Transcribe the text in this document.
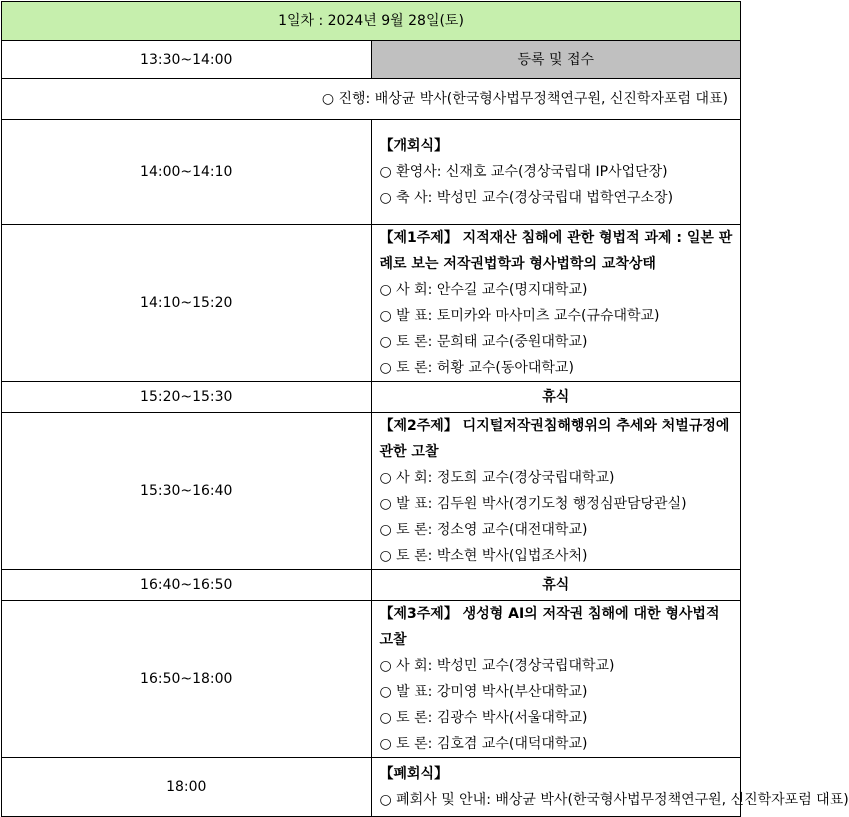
1일차 : 2024년 9월 28일(토)	
13:30~14:00	등록 및 접수
○ 진행: 배상균 박사(한국형사법무정책연구원, 신진학자포럼 대표)	
14:00~14:10	【개회식】
○ 환영사: 신재호 교수(경상국립대 IP사업단장)
○ 축 사: 박성민 교수(경상국립대 법학연구소장)

14:10~15:20	【제1주제】 지적재산 침해에 관한 형법적 과제 : 일본 판례로 보는 저작권법학과 형사법학의 교착상태
○ 사 회: 안수길 교수(명지대학교)
○ 발 표: 토미카와 마사미츠 교수(규슈대학교)
○ 토 론: 문희태 교수(중원대학교)
○ 토 론: 허황 교수(동아대학교)

15:20~15:30	휴식
15:30~16:40	【제2주제】 디지털저작권침해행위의 추세와 처벌규정에 관한 고찰
○ 사 회: 정도희 교수(경상국립대학교)
○ 발 표: 김두원 박사(경기도청 행정심판담당관실)
○ 토 론: 정소영 교수(대전대학교)
○ 토 론: 박소현 박사(입법조사처)

16:40~16:50	휴식
16:50~18:00	【제3주제】 생성형 AI의 저작권 침해에 대한 형사법적 고찰
○ 사 회: 박성민 교수(경상국립대학교)
○ 발 표: 강미영 박사(부산대학교)
○ 토 론: 김광수 박사(서울대학교)
○ 토 론: 김호겸 교수(대덕대학교)

18:00	【폐회식】
○ 폐회사 및 안내: 배상균 박사(한국형사법무정책연구원, 신진학자포럼 대표)
